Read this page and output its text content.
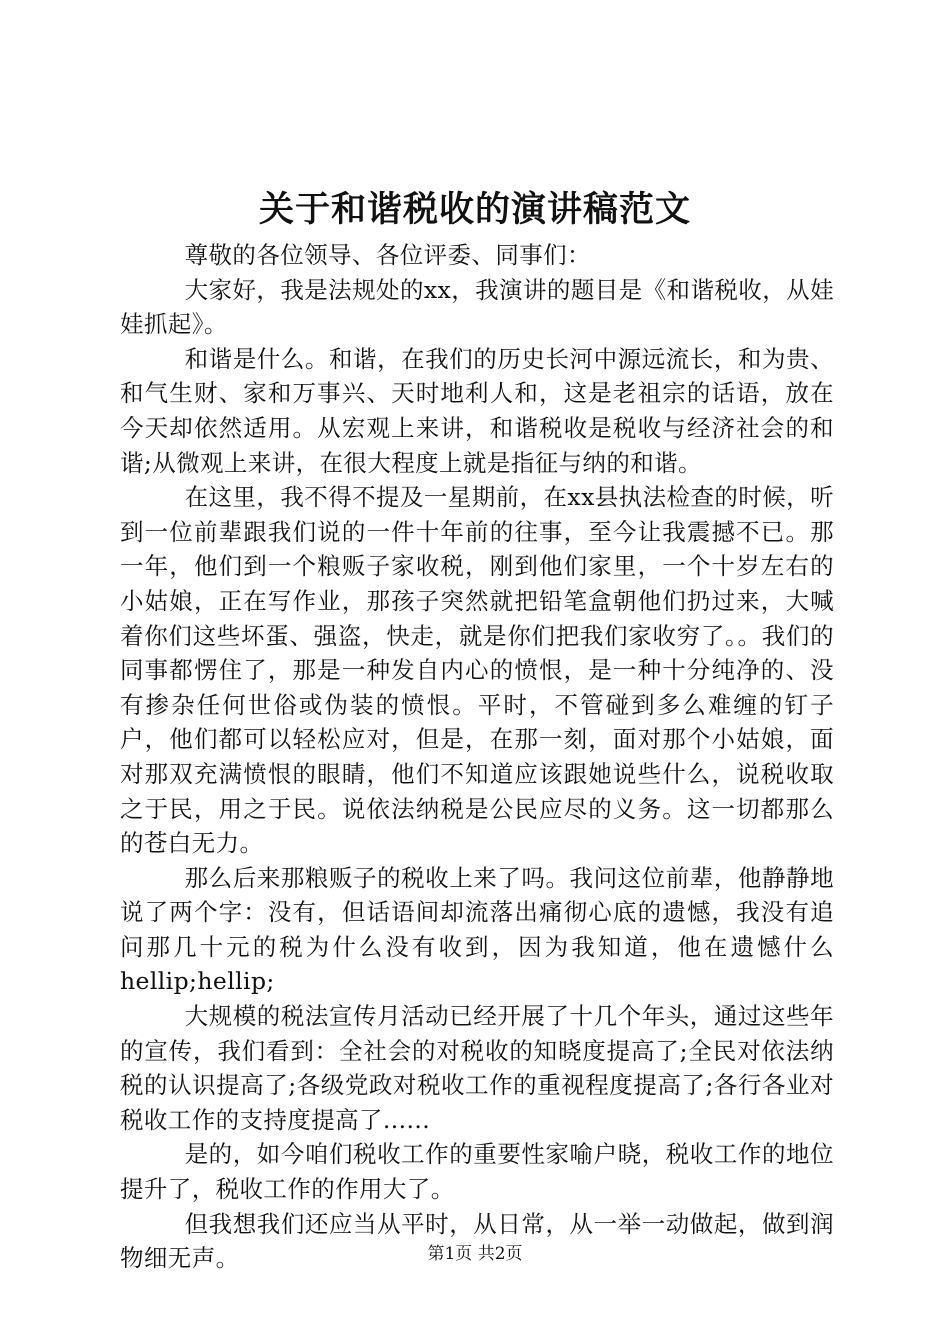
关于和谐税收的演讲稿范文

尊敬的各位领导、各位评委、同事们：

大家好，我是法规处的xx，我演讲的题目是《和谐税收，从娃娃抓起》。

和谐是什么。和谐，在我们的历史长河中源远流长，和为贵、和气生财、家和万事兴、天时地利人和，这是老祖宗的话语，放在今天却依然适用。从宏观上来讲，和谐税收是税收与经济社会的和谐;从微观上来讲，在很大程度上就是指征与纳的和谐。

在这里，我不得不提及一星期前，在xx县执法检查的时候，听到一位前辈跟我们说的一件十年前的往事，至今让我震撼不已。那一年，他们到一个粮贩子家收税，刚到他们家里，一个十岁左右的小姑娘，正在写作业，那孩子突然就把铅笔盒朝他们扔过来，大喊着你们这些坏蛋、强盗，快走，就是你们把我们家收穷了。。我们的同事都愣住了，那是一种发自内心的愤恨，是一种十分纯净的、没有掺杂任何世俗或伪装的愤恨。平时，不管碰到多么难缠的钉子户，他们都可以轻松应对，但是，在那一刻，面对那个小姑娘，面对那双充满愤恨的眼睛，他们不知道应该跟她说些什么，说税收取之于民，用之于民。说依法纳税是公民应尽的义务。这一切都那么的苍白无力。

那么后来那粮贩子的税收上来了吗。我问这位前辈，他静静地说了两个字：没有，但话语间却流落出痛彻心底的遗憾，我没有追问那几十元的税为什么没有收到，因为我知道，他在遗憾什么hellip;hellip;

大规模的税法宣传月活动已经开展了十几个年头，通过这些年的宣传，我们看到：全社会的对税收的知晓度提高了;全民对依法纳税的认识提高了;各级党政对税收工作的重视程度提高了;各行各业对税收工作的支持度提高了......

是的，如今咱们税收工作的重要性家喻户晓，税收工作的地位提升了，税收工作的作用大了。

但我想我们还应当从平时，从日常，从一举一动做起，做到润物细无声。	第1页 共2页
